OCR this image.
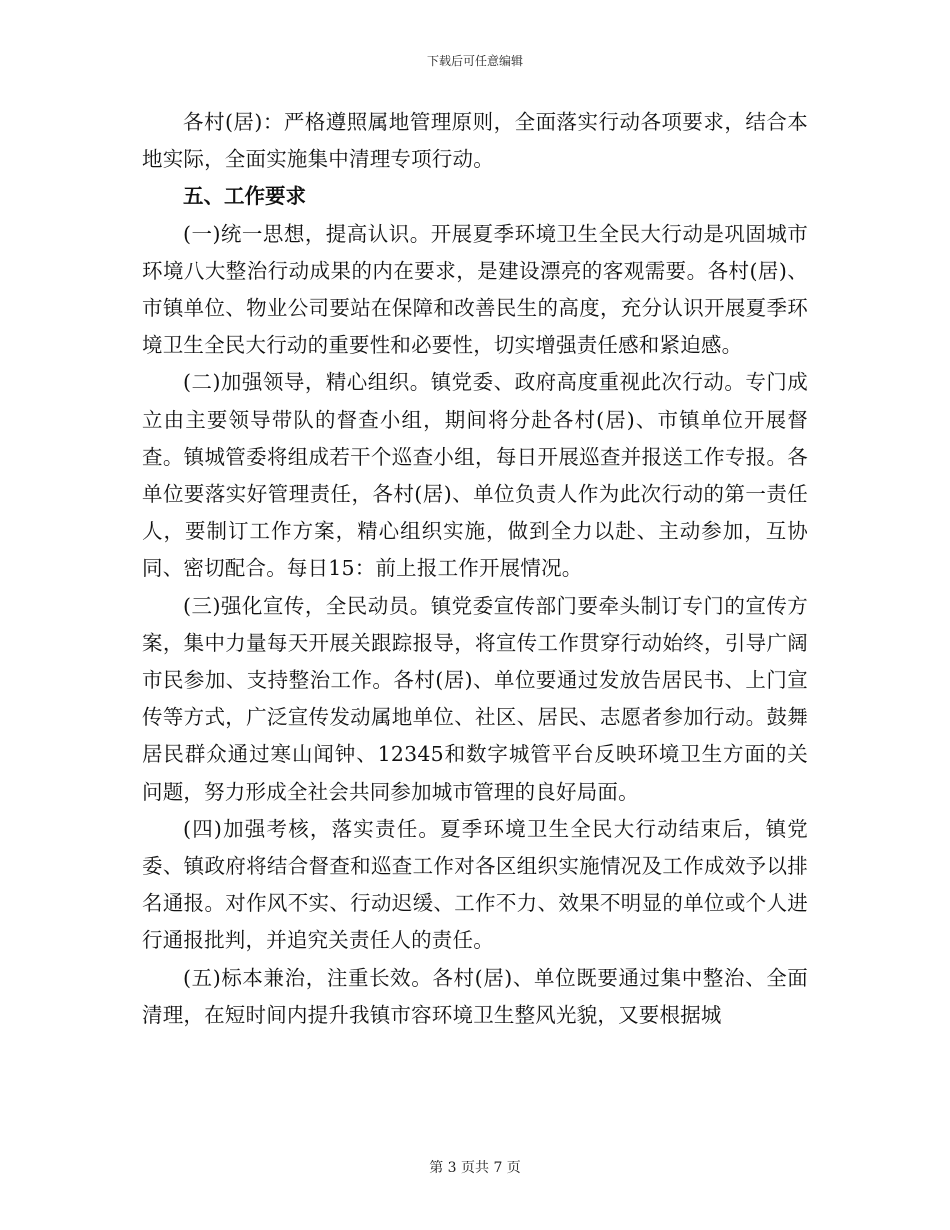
下载后可任意编辑

各村(居)：严格遵照属地管理原则，全面落实行动各项要求，结合本地实际，全面实施集中清理专项行动。

五、工作要求

(一)统一思想，提高认识。开展夏季环境卫生全民大行动是巩固城市环境八大整治行动成果的内在要求，是建设漂亮的客观需要。各村(居)、市镇单位、物业公司要站在保障和改善民生的高度，充分认识开展夏季环境卫生全民大行动的重要性和必要性，切实增强责任感和紧迫感。

(二)加强领导，精心组织。镇党委、政府高度重视此次行动。专门成立由主要领导带队的督查小组，期间将分赴各村(居)、市镇单位开展督查。镇城管委将组成若干个巡查小组，每日开展巡查并报送工作专报。各单位要落实好管理责任，各村(居)、单位负责人作为此次行动的第一责任人，要制订工作方案，精心组织实施，做到全力以赴、主动参加，互协同、密切配合。每日15：前上报工作开展情况。

(三)强化宣传，全民动员。镇党委宣传部门要牵头制订专门的宣传方案，集中力量每天开展关跟踪报导，将宣传工作贯穿行动始终，引导广阔市民参加、支持整治工作。各村(居)、单位要通过发放告居民书、上门宣传等方式，广泛宣传发动属地单位、社区、居民、志愿者参加行动。鼓舞居民群众通过寒山闻钟、12345和数字城管平台反映环境卫生方面的关问题，努力形成全社会共同参加城市管理的良好局面。

(四)加强考核，落实责任。夏季环境卫生全民大行动结束后，镇党委、镇政府将结合督查和巡查工作对各区组织实施情况及工作成效予以排名通报。对作风不实、行动迟缓、工作不力、效果不明显的单位或个人进行通报批判，并追究关责任人的责任。

(五)标本兼治，注重长效。各村(居)、单位既要通过集中整治、全面清理，在短时间内提升我镇市容环境卫生整风光貌，又要根据城

第 3 页共 7 页
